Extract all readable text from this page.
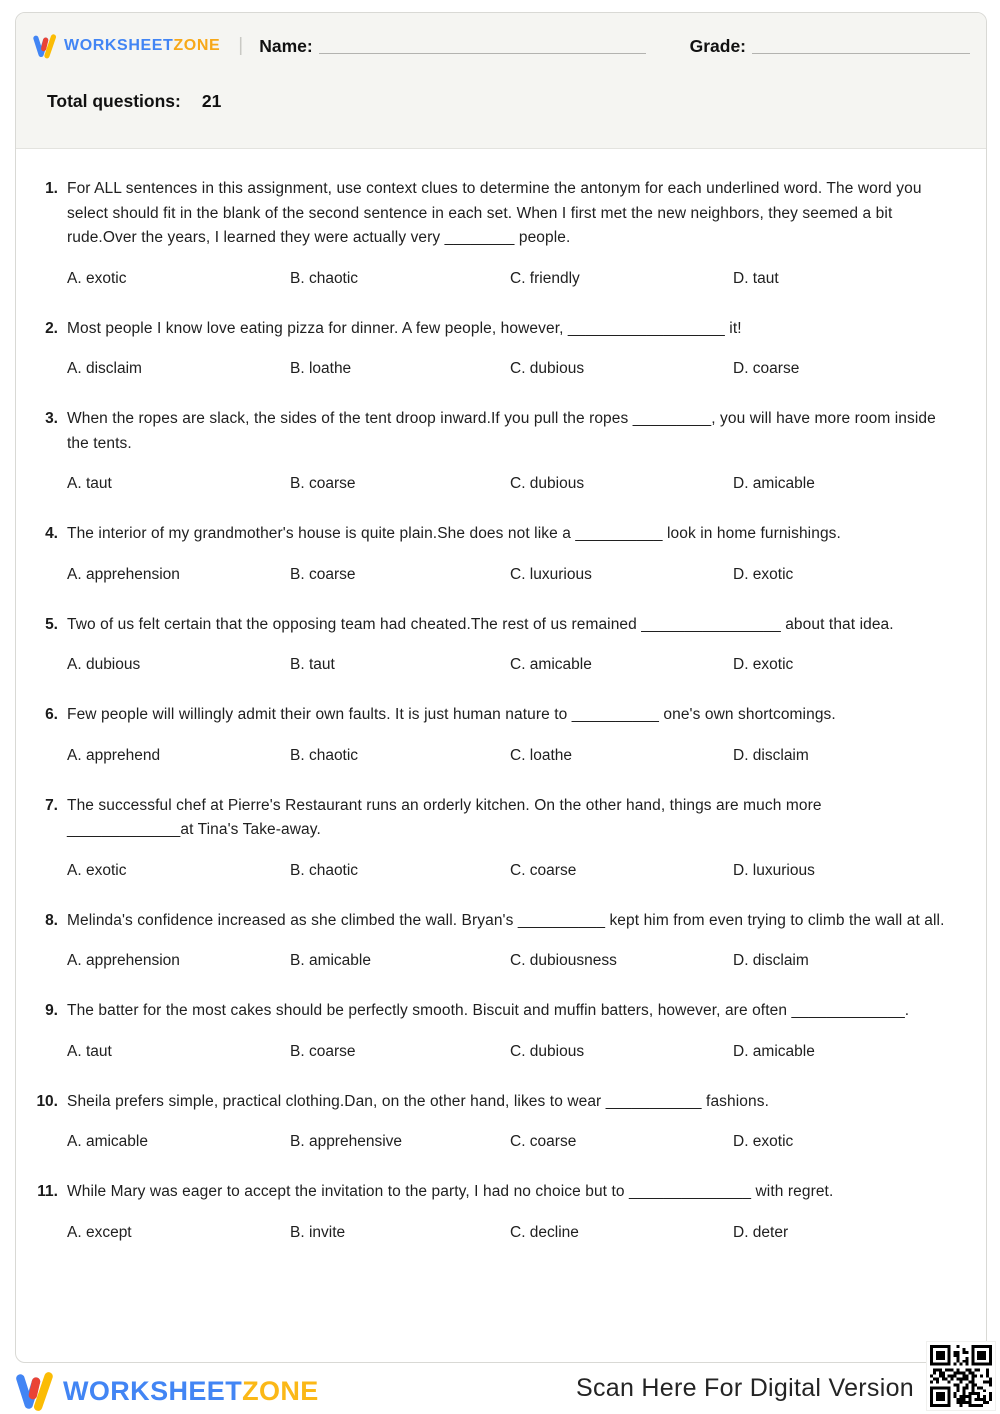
WORKSHEETZONE | Name:	Grade:
Total questions: 21
1. For ALL sentences in this assignment, use context clues to determine the antonym for each underlined word. The word you select should fit in the blank of the second sentence in each set. When I first met the new neighbors, they seemed a bit rude.Over the years, I learned they were actually very ________ people.
A. exotic	B. chaotic	C. friendly	D. taut
2. Most people I know love eating pizza for dinner. A few people, however, __________________ it!
A. disclaim	B. loathe	C. dubious	D. coarse
3. When the ropes are slack, the sides of the tent droop inward.If you pull the ropes _________, you will have more room inside the tents.
A. taut	B. coarse	C. dubious	D. amicable
4. The interior of my grandmother's house is quite plain.She does not like a __________ look in home furnishings.
A. apprehension	B. coarse	C. luxurious	D. exotic
5. Two of us felt certain that the opposing team had cheated.The rest of us remained ________________ about that idea.
A. dubious	B. taut	C. amicable	D. exotic
6. Few people will willingly admit their own faults. It is just human nature to __________ one's own shortcomings.
A. apprehend	B. chaotic	C. loathe	D. disclaim
7. The successful chef at Pierre's Restaurant runs an orderly kitchen. On the other hand, things are much more _____________at Tina's Take-away.
A. exotic	B. chaotic	C. coarse	D. luxurious
8. Melinda's confidence increased as she climbed the wall. Bryan's __________ kept him from even trying to climb the wall at all.
A. apprehension	B. amicable	C. dubiousness	D. disclaim
9. The batter for the most cakes should be perfectly smooth. Biscuit and muffin batters, however, are often _____________.
A. taut	B. coarse	C. dubious	D. amicable
10. Sheila prefers simple, practical clothing.Dan, on the other hand, likes to wear ___________ fashions.
A. amicable	B. apprehensive	C. coarse	D. exotic
11. While Mary was eager to accept the invitation to the party, I had no choice but to ______________ with regret.
A. except	B. invite	C. decline	D. deter
WORKSHEETZONE	Scan Here For Digital Version
